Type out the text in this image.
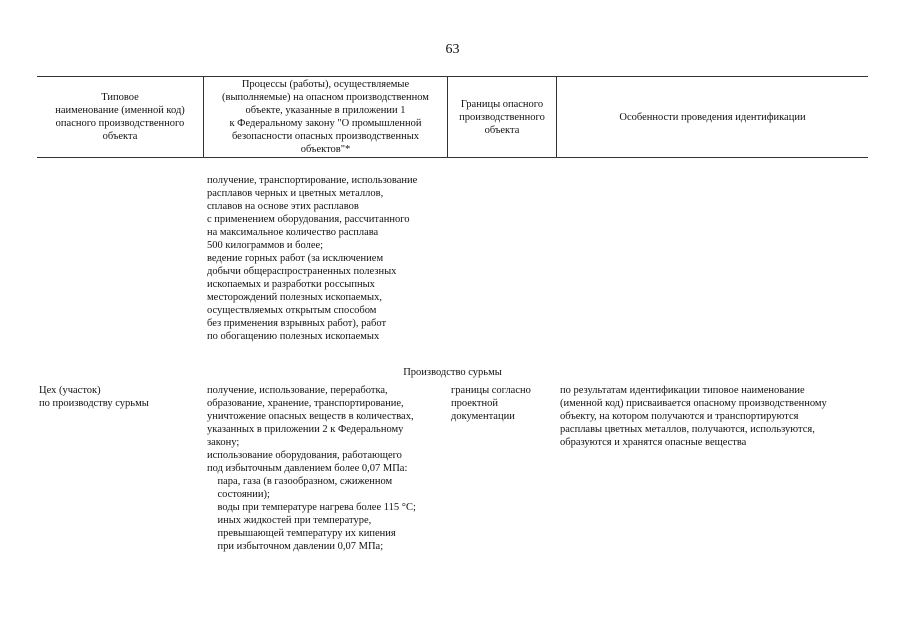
63
Типовое
наименование (именной код)
опасного производственного
объекта
Процессы (работы), осуществляемые
(выполняемые) на опасном производственном
объекте, указанные в приложении 1
к Федеральному закону "О промышленной
безопасности опасных производственных
объектов"*
Границы опасного
производственного
объекта
Особенности проведения идентификации
получение, транспортирование, использование
расплавов черных и цветных металлов,
сплавов на основе этих расплавов
с применением оборудования, рассчитанного
на максимальное количество расплава
500 килограммов и более;
ведение горных работ (за исключением
добычи общераспространенных полезных
ископаемых и разработки россыпных
месторождений полезных ископаемых,
осуществляемых открытым способом
без применения взрывных работ), работ
по обогащению полезных ископаемых
Производство сурьмы
Цех (участок)
по производству сурьмы
получение, использование, переработка,
образование, хранение, транспортирование,
уничтожение опасных веществ в количествах,
указанных в приложении 2 к Федеральному
закону;
использование оборудования, работающего
под избыточным давлением более 0,07 МПа:
пара, газа (в газообразном, сжиженном
состоянии);
воды при температуре нагрева более 115 °С;
иных жидкостей при температуре,
превышающей температуру их кипения
при избыточном давлении 0,07 МПа;
границы согласно
проектной
документации
по результатам идентификации типовое наименование
(именной код) присваивается опасному производственному
объекту, на котором получаются и транспортируются
расплавы цветных металлов, получаются, используются,
образуются и хранятся опасные вещества
